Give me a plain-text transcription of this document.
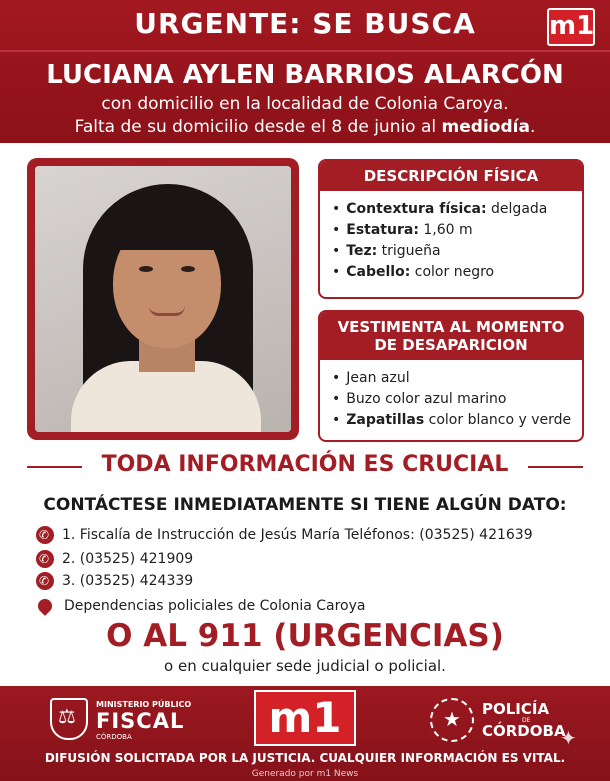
URGENTE: SE BUSCA	m1
LUCIANA AYLEN BARRIOS ALARCÓN
con domicilio en la localidad de Colonia Caroya.
Falta de su domicilio desde el 8 de junio al mediodía.
DESCRIPCIÓN FÍSICA
• Contextura física: delgada
• Estatura: 1,60 m
• Tez: trigueña
• Cabello: color negro
VESTIMENTA AL MOMENTO DE DESAPARICION
• Jean azul
• Buzo color azul marino
• Zapatillas color blanco y verde
TODA INFORMACIÓN ES CRUCIAL
CONTÁCTESE INMEDIATAMENTE SI TIENE ALGÚN DATO:
✆1. Fiscalía de Instrucción de Jesús María Teléfonos: (03525) 421639
✆2. (03525) 421909
✆3. (03525) 424339
Dependencias policiales de Colonia Caroya
O AL 911 (URGENCIAS)
o en cualquier sede judicial o policial.
⚖
MINISTERIO PÚBLICO
FISCAL
CÓRDOBA	m1
★	POLICÍA
DE
CÓRDOBA
✦
DIFUSIÓN SOLICITADA POR LA JUSTICIA. CUALQUIER INFORMACIÓN ES VITAL.
Generado por m1 News
